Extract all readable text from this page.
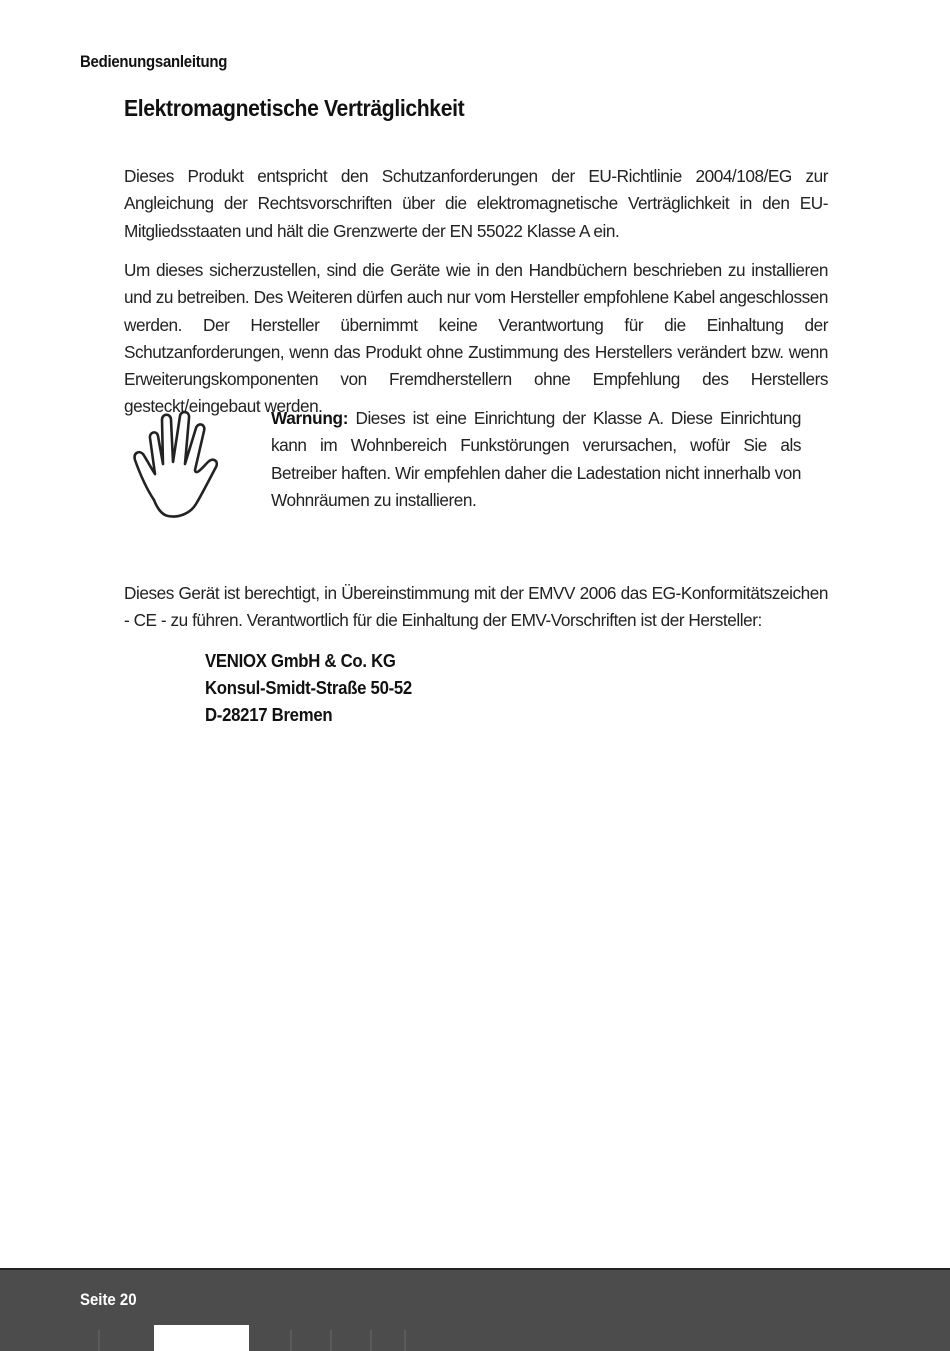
Bedienungsanleitung
Elektromagnetische Verträglichkeit

Dieses Produkt entspricht den Schutzanforderungen der EU-Richtlinie 2004/108/EG zur Angleichung der Rechtsvorschriften über die elektromagnetische Verträglichkeit in den EU-Mitgliedsstaaten und hält die Grenzwerte der EN 55022 Klasse A ein.

Um dieses sicherzustellen, sind die Geräte wie in den Handbüchern beschrieben zu installieren und zu betreiben. Des Weiteren dürfen auch nur vom Hersteller empfohlene Kabel angeschlossen werden. Der Hersteller übernimmt keine Verantwortung für die Einhaltung der Schutzanforderungen, wenn das Produkt ohne Zustimmung des Herstellers verändert bzw. wenn Erweiterungskomponenten von Fremdherstellern ohne Empfehlung des Herstellers gesteckt/eingebaut werden.

Warnung: Dieses ist eine Einrichtung der Klasse A. Diese Einrichtung kann im Wohnbereich Funkstörungen verursachen, wofür Sie als Betreiber haften. Wir empfehlen daher die Ladestation nicht innerhalb von Wohnräumen zu installieren.

Dieses Gerät ist berechtigt, in Übereinstimmung mit der EMVV 2006 das EG-Konformitätszeichen - CE - zu führen. Verantwortlich für die Einhaltung der EMV-Vorschriften ist der Hersteller:

VENIOX GmbH & Co. KG
Konsul-Smidt-Straße 50-52
D-28217 Bremen
Seite 20
